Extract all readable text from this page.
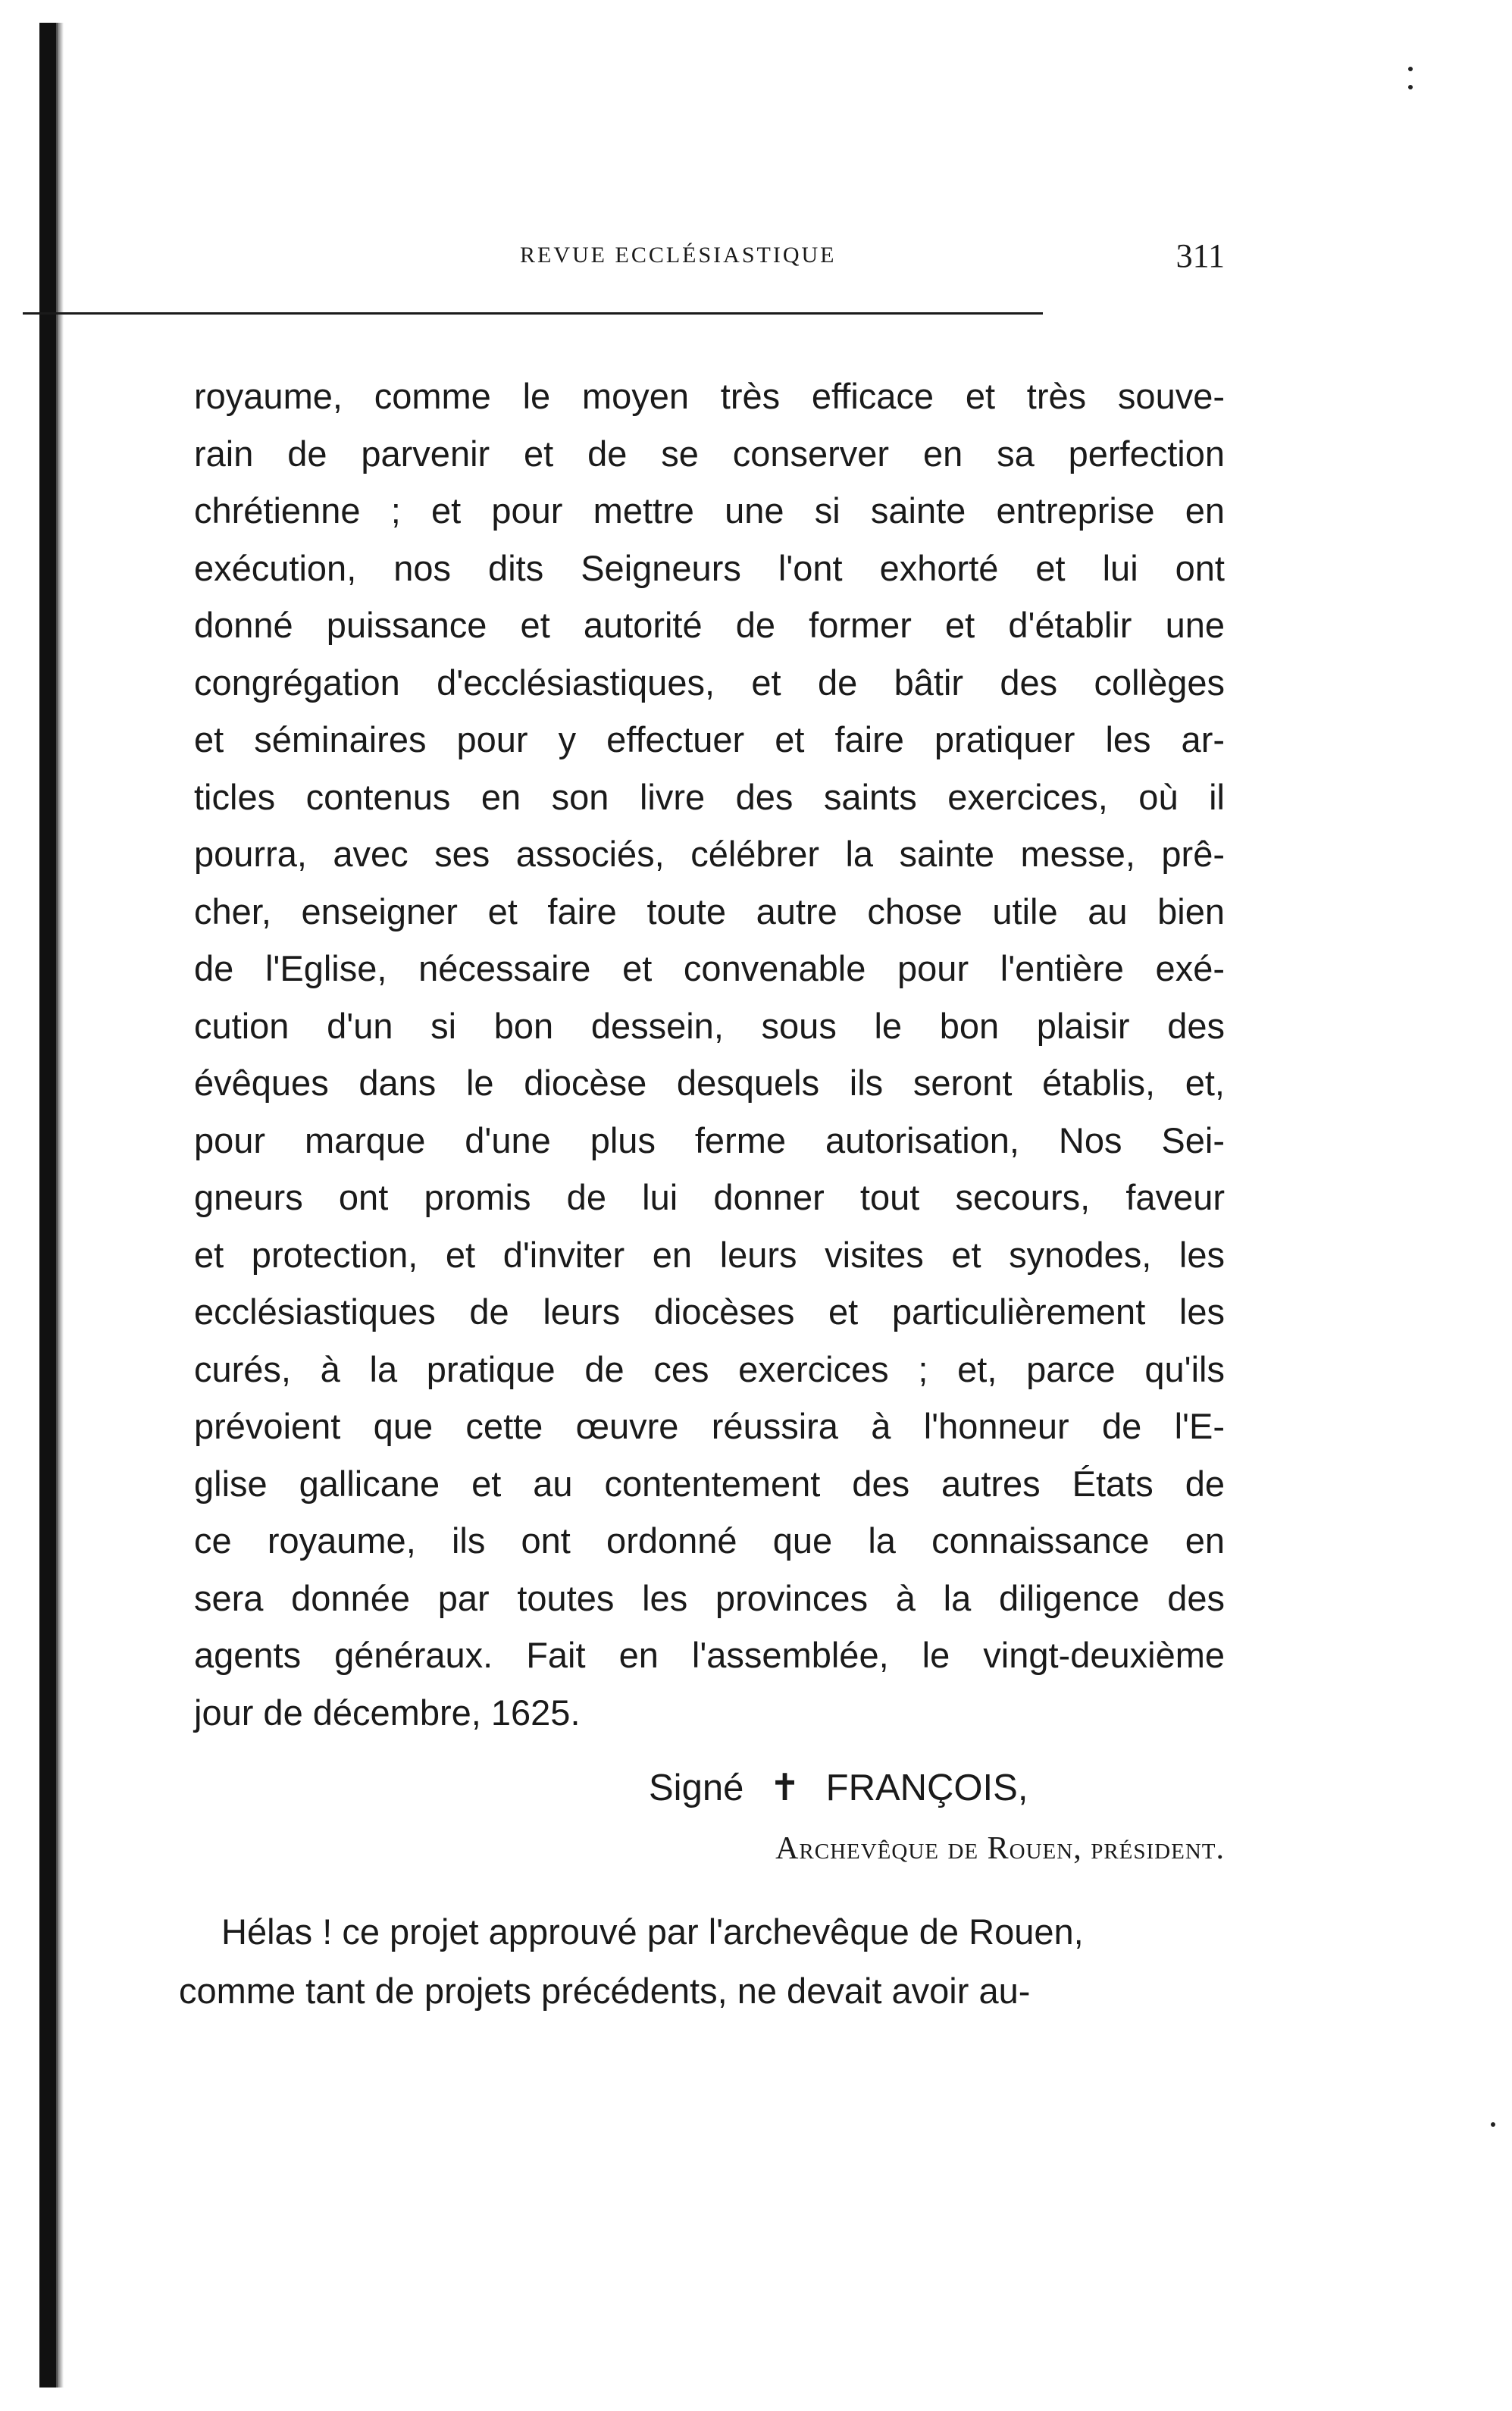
REVUE ECCLÉSIASTIQUE	311
royaume, comme le moyen très efficace et très souve-
rain de parvenir et de se conserver en sa perfection
chrétienne ; et pour mettre une si sainte entreprise en
exécution, nos dits Seigneurs l'ont exhorté et lui ont
donné puissance et autorité de former et d'établir une
congrégation d'ecclésiastiques, et de bâtir des collèges
et séminaires pour y effectuer et faire pratiquer les ar-
ticles contenus en son livre des saints exercices, où il
pourra, avec ses associés, célébrer la sainte messe, prê-
cher, enseigner et faire toute autre chose utile au bien
de l'Eglise, nécessaire et convenable pour l'entière exé-
cution d'un si bon dessein, sous le bon plaisir des
évêques dans le diocèse desquels ils seront établis, et,
pour marque d'une plus ferme autorisation, Nos Sei-
gneurs ont promis de lui donner tout secours, faveur
et protection, et d'inviter en leurs visites et synodes, les
ecclésiastiques de leurs diocèses et particulièrement les
curés, à la pratique de ces exercices ; et, parce qu'ils
prévoient que cette œuvre réussira à l'honneur de l'E-
glise gallicane et au contentement des autres États de
ce royaume, ils ont ordonné que la connaissance en
sera donnée par toutes les provinces à la diligence des
agents généraux. Fait en l'assemblée, le vingt-deuxième
jour de décembre, 1625.
Signé ✝ FRANÇOIS,
Archevêque de Rouen, président.
Hélas ! ce projet approuvé par l'archevêque de Rouen,
comme tant de projets précédents, ne devait avoir au-
